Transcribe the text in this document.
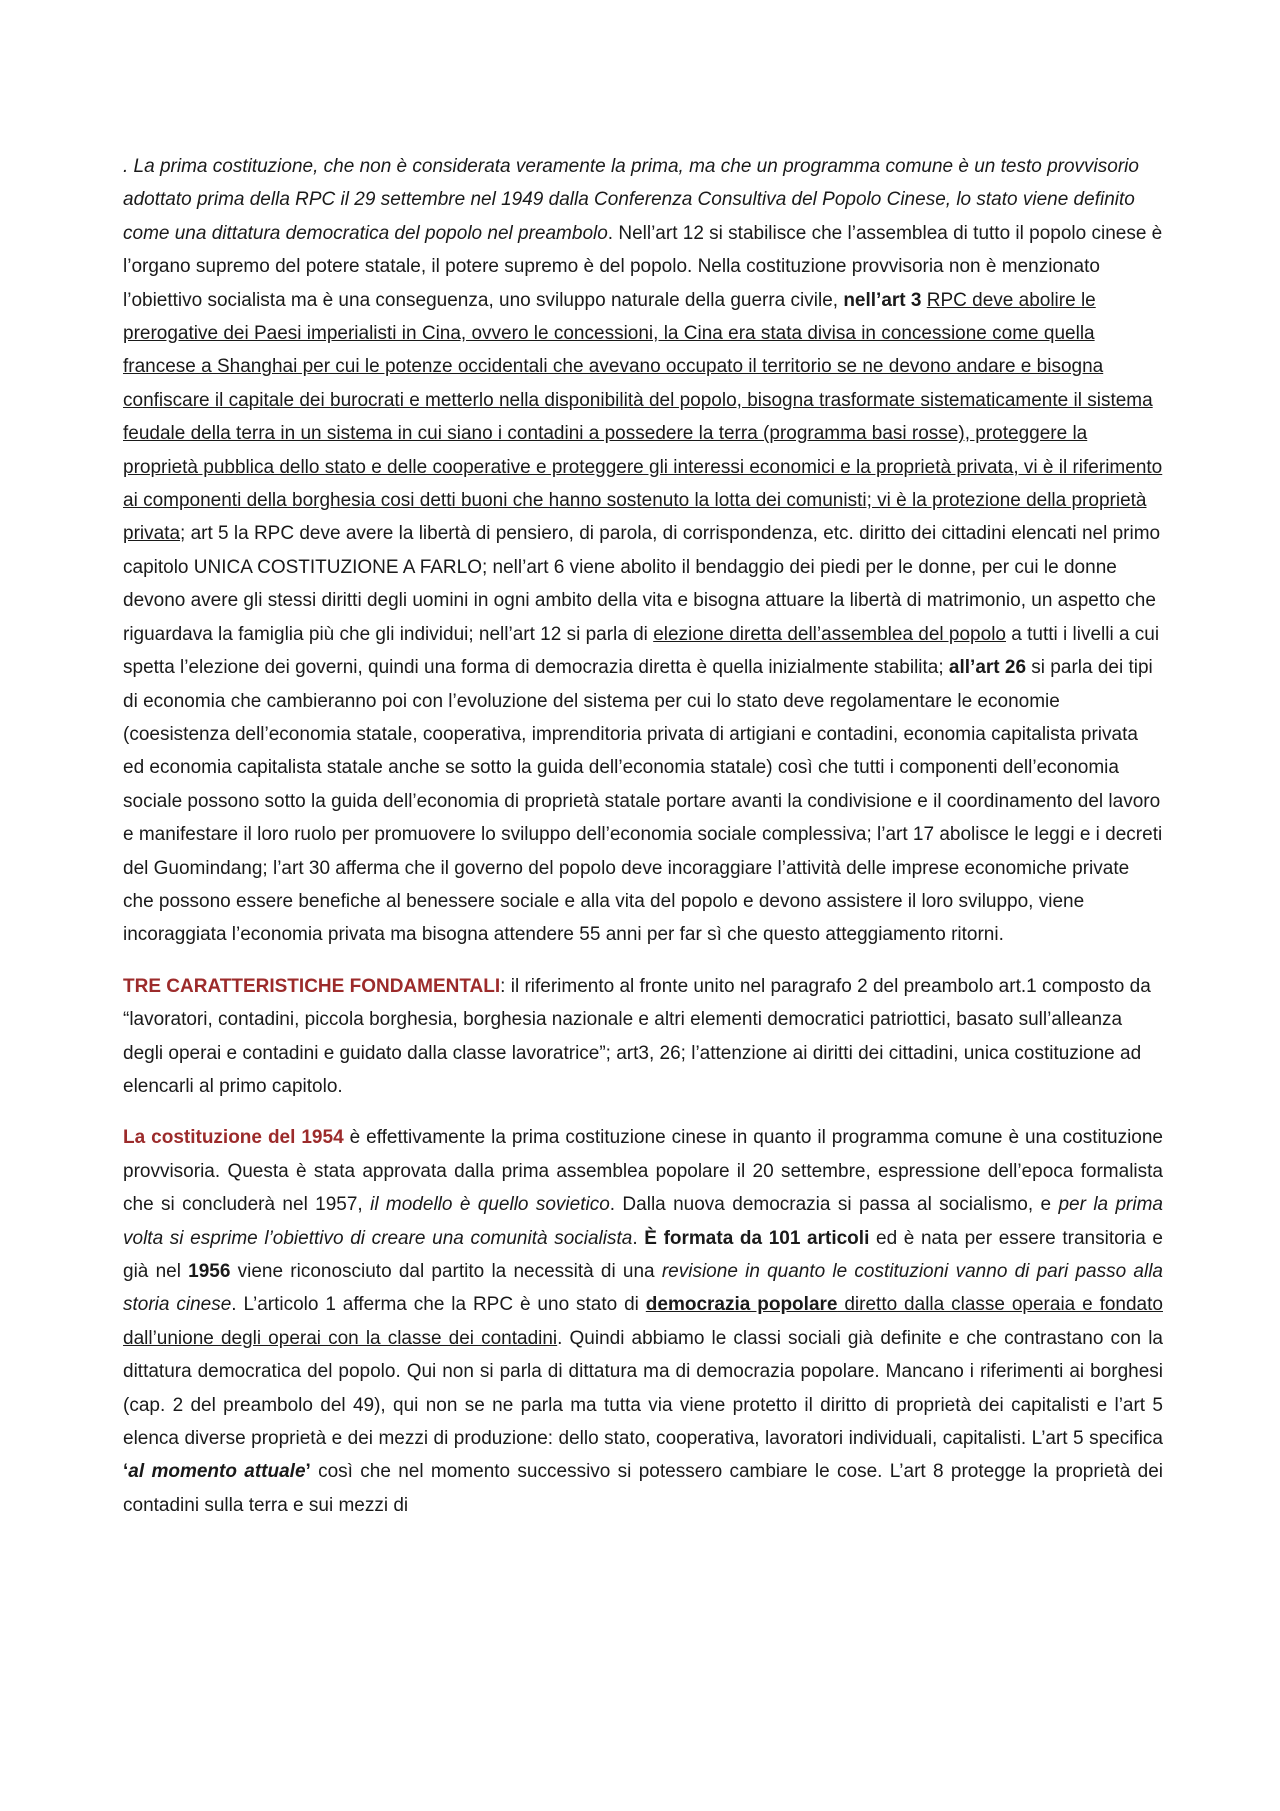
. La prima costituzione, che non è considerata veramente la prima, ma che un programma comune è un testo provvisorio adottato prima della RPC il 29 settembre nel 1949 dalla Conferenza Consultiva del Popolo Cinese, lo stato viene definito come una dittatura democratica del popolo nel preambolo. Nell’art 12 si stabilisce che l’assemblea di tutto il popolo cinese è l’organo supremo del potere statale, il potere supremo è del popolo. Nella costituzione provvisoria non è menzionato l’obiettivo socialista ma è una conseguenza, uno sviluppo naturale della guerra civile, nell’art 3 RPC deve abolire le prerogative dei Paesi imperialisti in Cina, ovvero le concessioni, la Cina era stata divisa in concessione come quella francese a Shanghai per cui le potenze occidentali che avevano occupato il territorio se ne devono andare e bisogna confiscare il capitale dei burocrati e metterlo nella disponibilità del popolo, bisogna trasformate sistematicamente il sistema feudale della terra in un sistema in cui siano i contadini a possedere la terra (programma basi rosse), proteggere la proprietà pubblica dello stato e delle cooperative e proteggere gli interessi economici e la proprietà privata, vi è il riferimento ai componenti della borghesia cosi detti buoni che hanno sostenuto la lotta dei comunisti; vi è la protezione della proprietà privata; art 5 la RPC deve avere la libertà di pensiero, di parola, di corrispondenza, etc. diritto dei cittadini elencati nel primo capitolo UNICA COSTITUZIONE A FARLO; nell’art 6 viene abolito il bendaggio dei piedi per le donne, per cui le donne devono avere gli stessi diritti degli uomini in ogni ambito della vita e bisogna attuare la libertà di matrimonio, un aspetto che riguardava la famiglia più che gli individui; nell’art 12 si parla di elezione diretta dell’assemblea del popolo a tutti i livelli a cui spetta l’elezione dei governi, quindi una forma di democrazia diretta è quella inizialmente stabilita; all’art 26 si parla dei tipi di economia che cambieranno poi con l’evoluzione del sistema per cui lo stato deve regolamentare le economie (coesistenza dell’economia statale, cooperativa, imprenditoria privata di artigiani e contadini, economia capitalista privata ed economia capitalista statale anche se sotto la guida dell’economia statale) così che tutti i componenti dell’economia sociale possono sotto la guida dell’economia di proprietà statale portare avanti la condivisione e il coordinamento del lavoro e manifestare il loro ruolo per promuovere lo sviluppo dell’economia sociale complessiva; l’art 17 abolisce le leggi e i decreti del Guomindang; l’art 30 afferma che il governo del popolo deve incoraggiare l’attività delle imprese economiche private che possono essere benefiche al benessere sociale e alla vita del popolo e devono assistere il loro sviluppo, viene incoraggiata l’economia privata ma bisogna attendere 55 anni per far sì che questo atteggiamento ritorni.

TRE CARATTERISTICHE FONDAMENTALI: il riferimento al fronte unito nel paragrafo 2 del preambolo art.1 composto da “lavoratori, contadini, piccola borghesia, borghesia nazionale e altri elementi democratici patriottici, basato sull’alleanza degli operai e contadini e guidato dalla classe lavoratrice”; art3, 26; l’attenzione ai diritti dei cittadini, unica costituzione ad elencarli al primo capitolo.

La costituzione del 1954 è effettivamente la prima costituzione cinese in quanto il programma comune è una costituzione provvisoria. Questa è stata approvata dalla prima assemblea popolare il 20 settembre, espressione dell’epoca formalista che si concluderà nel 1957, il modello è quello sovietico. Dalla nuova democrazia si passa al socialismo, e per la prima volta si esprime l’obiettivo di creare una comunità socialista. È formata da 101 articoli ed è nata per essere transitoria e già nel 1956 viene riconosciuto dal partito la necessità di una revisione in quanto le costituzioni vanno di pari passo alla storia cinese. L’articolo 1 afferma che la RPC è uno stato di democrazia popolare diretto dalla classe operaia e fondato dall’unione degli operai con la classe dei contadini. Quindi abbiamo le classi sociali già definite e che contrastano con la dittatura democratica del popolo. Qui non si parla di dittatura ma di democrazia popolare. Mancano i riferimenti ai borghesi (cap. 2 del preambolo del 49), qui non se ne parla ma tutta via viene protetto il diritto di proprietà dei capitalisti e l’art 5 elenca diverse proprietà e dei mezzi di produzione: dello stato, cooperativa, lavoratori individuali, capitalisti. L’art 5 specifica ‘al momento attuale’ così che nel momento successivo si potessero cambiare le cose. L’art 8 protegge la proprietà dei contadini sulla terra e sui mezzi di
